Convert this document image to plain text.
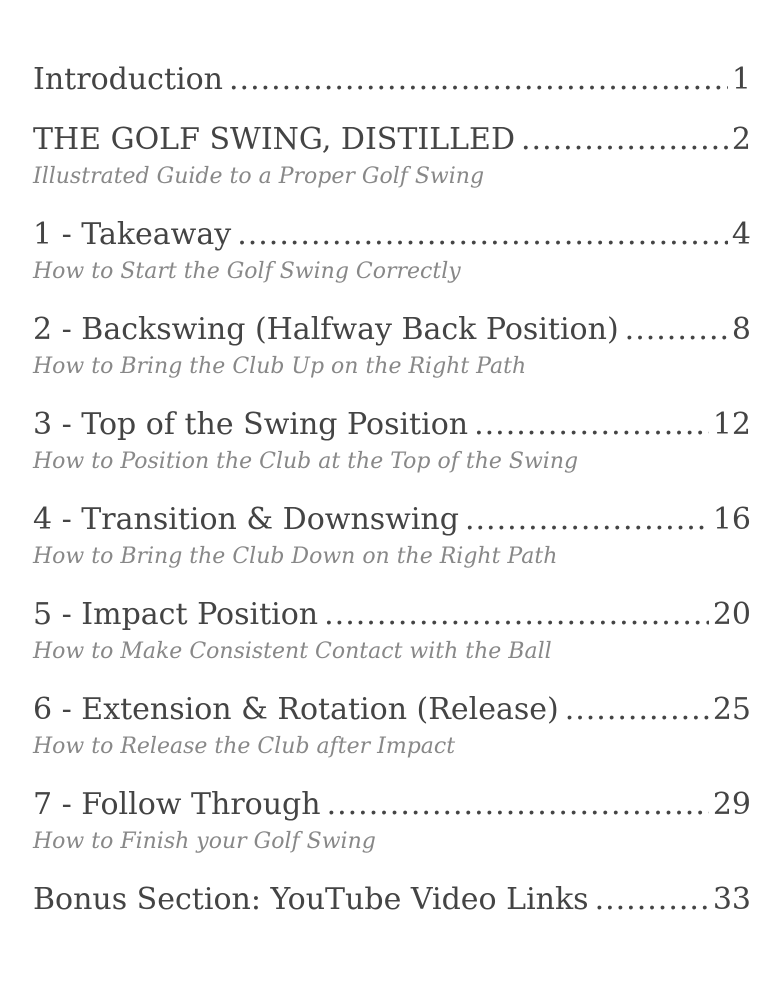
Introduction .....	1
THE GOLF SWING, DISTILLED .....	2
Illustrated Guide to a Proper Golf Swing
1 - Takeaway .....	4
How to Start the Golf Swing Correctly
2 - Backswing (Halfway Back Position) .....	8
How to Bring the Club Up on the Right Path
3 - Top of the Swing Position .....	12
How to Position the Club at the Top of the Swing
4 - Transition & Downswing .....	16
How to Bring the Club Down on the Right Path
5 - Impact Position .....	20
How to Make Consistent Contact with the Ball
6 - Extension & Rotation (Release) .....	25
How to Release the Club after Impact
7 - Follow Through .....	29
How to Finish your Golf Swing
Bonus Section: YouTube Video Links .....	33
